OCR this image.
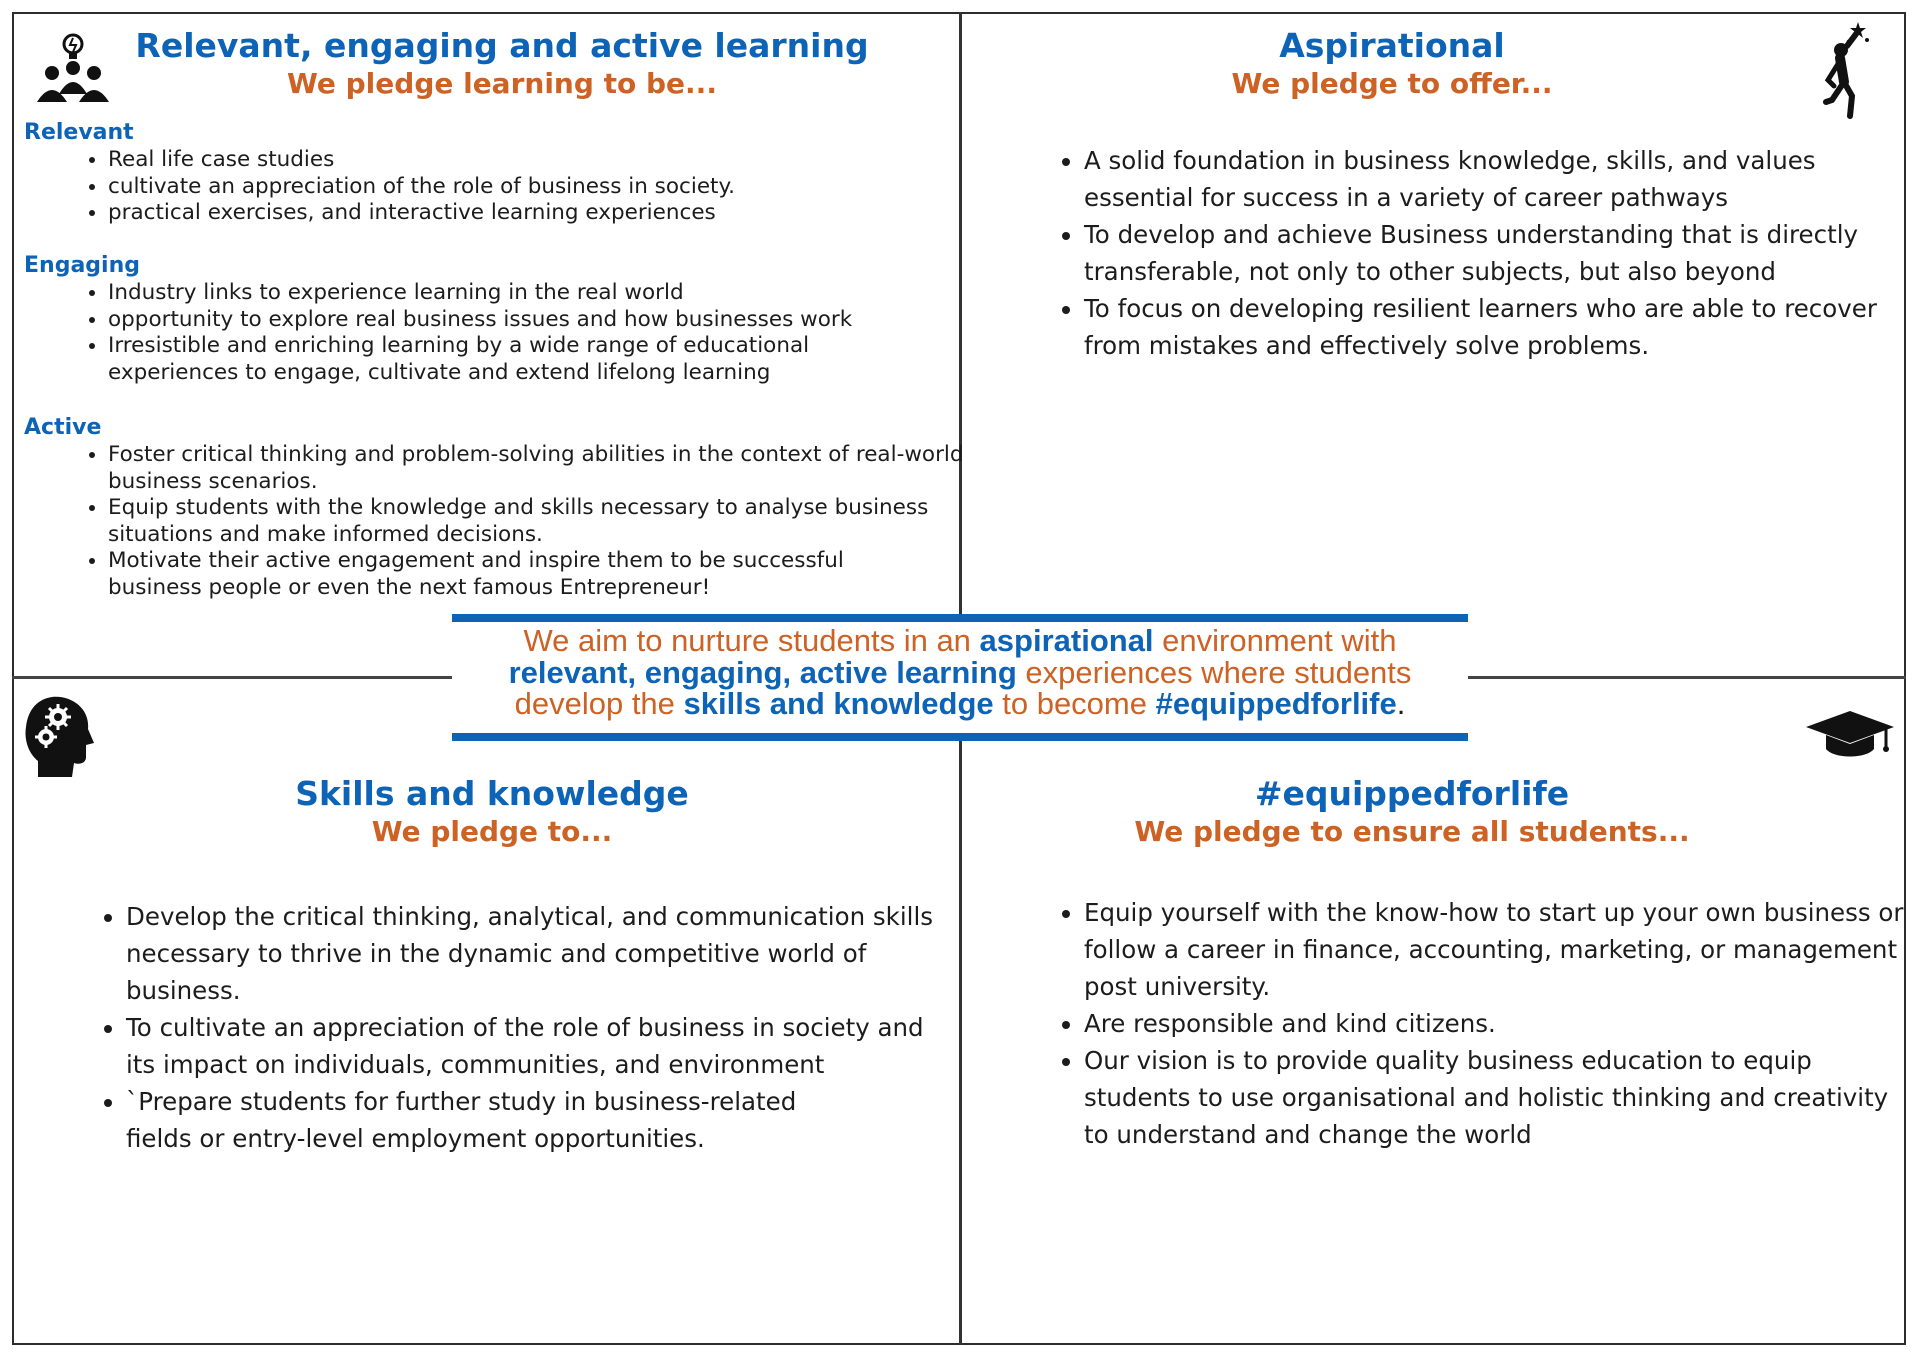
Relevant, engaging and active learning
We pledge learning to be...
Relevant
• Real life case studies
• cultivate an appreciation of the role of business in society.
• practical exercises, and interactive learning experiences
Engaging
• Industry links to experience learning in the real world
• opportunity to explore real business issues and how businesses work
• Irresistible and enriching learning by a wide range of educational experiences to engage, cultivate and extend lifelong learning
Active
• Foster critical thinking and problem-solving abilities in the context of real-world business scenarios.
• Equip students with the knowledge and skills necessary to analyse business situations and make informed decisions.
• Motivate their active engagement and inspire them to be successful business people or even the next famous Entrepreneur!
Aspirational
We pledge to offer...
• A solid foundation in business knowledge, skills, and values essential for success in a variety of career pathways
• To develop and achieve Business understanding that is directly transferable, not only to other subjects, but also beyond
• To focus on developing resilient learners who are able to recover from mistakes and effectively solve problems.
Skills and knowledge
We pledge to...
• Develop the critical thinking, analytical, and communication skills necessary to thrive in the dynamic and competitive world of business.
• To cultivate an appreciation of the role of business in society and its impact on individuals, communities, and environment
• `Prepare students for further study in business-related fields or entry-level employment opportunities.
#equippedforlife
We pledge to ensure all students...
• Equip yourself with the know-how to start up your own business or follow a career in finance, accounting, marketing, or management post university.
• Are responsible and kind citizens.
• Our vision is to provide quality business education to equip students to use organisational and holistic thinking and creativity to understand and change the world
We aim to nurture students in an aspirational environment with
relevant, engaging, active learning experiences where students
develop the skills and knowledge to become #equippedforlife.
